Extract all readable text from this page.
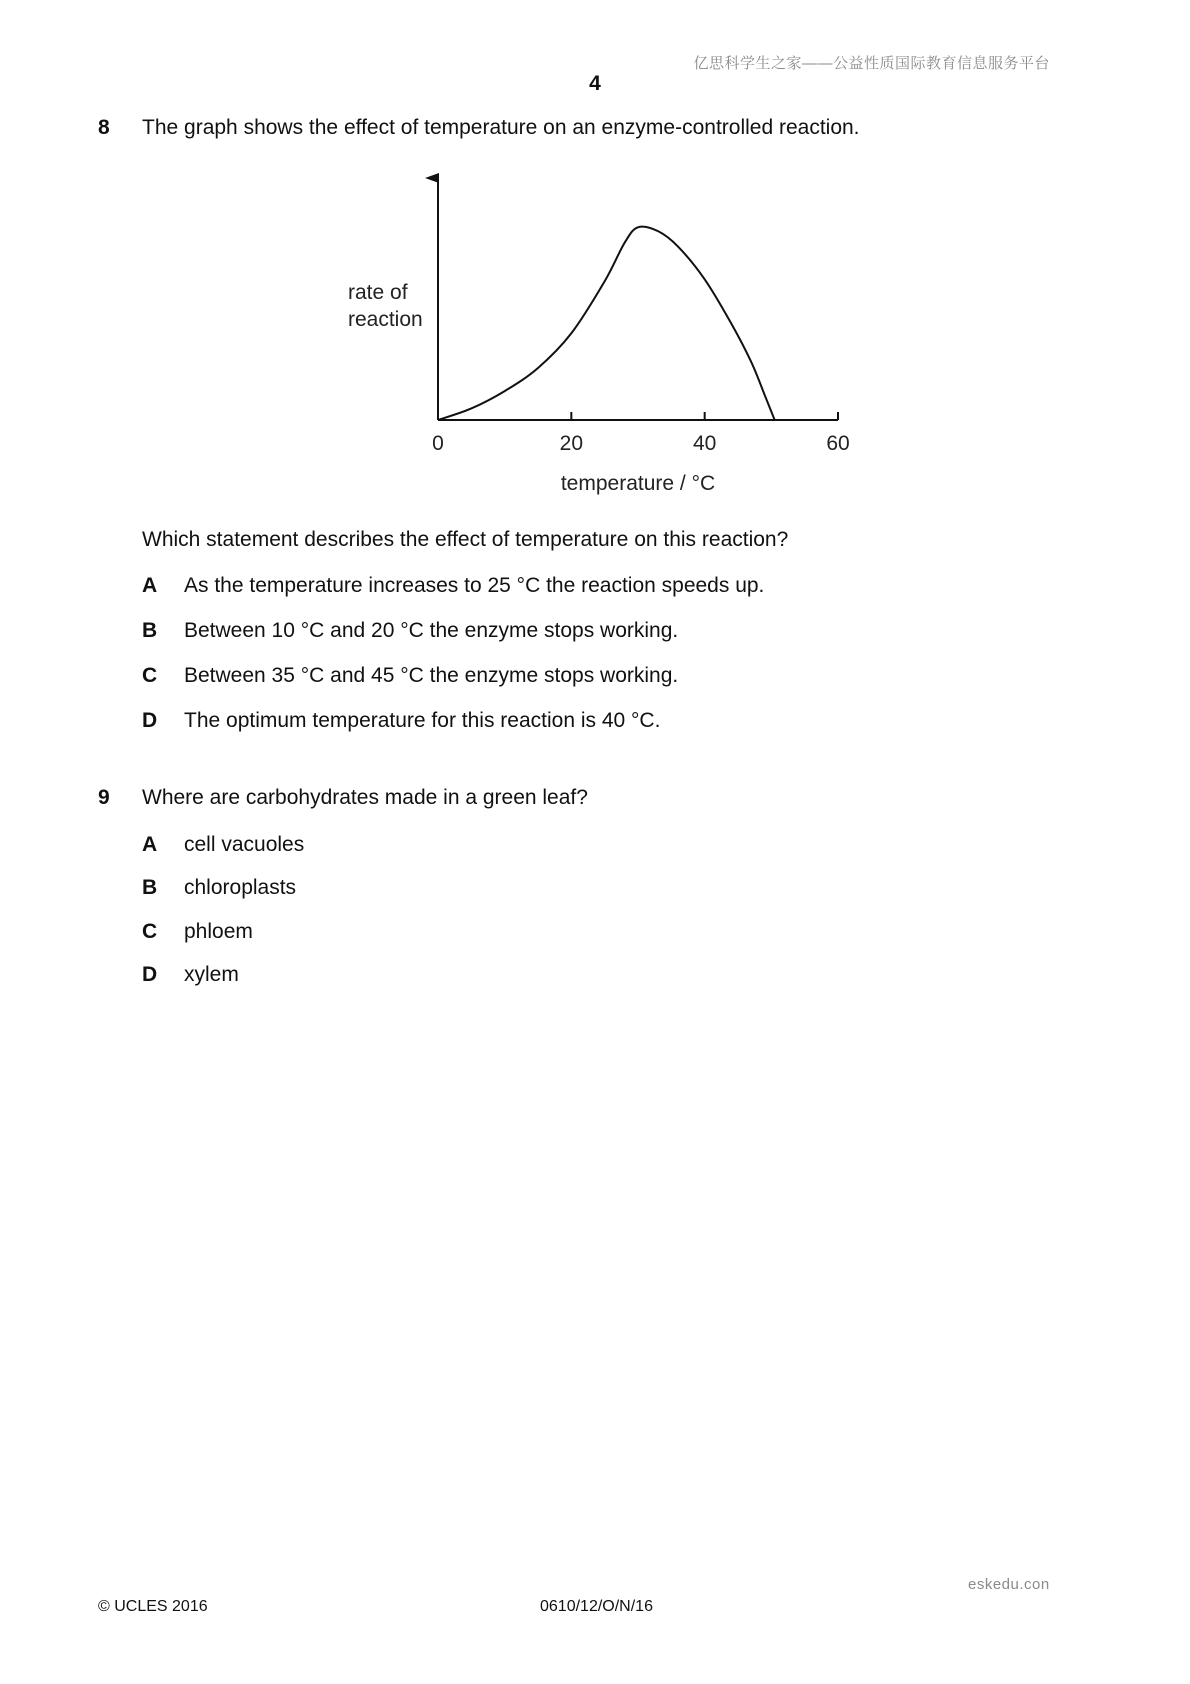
亿思科学生之家——公益性质国际教育信息服务平台
4
8 The graph shows the effect of temperature on an enzyme-controlled reaction.
rate of
reaction
0	20	40	60
temperature / °C
Which statement describes the effect of temperature on this reaction?
A As the temperature increases to 25 °C the reaction speeds up.
B Between 10 °C and 20 °C the enzyme stops working.
C Between 35 °C and 45 °C the enzyme stops working.
D The optimum temperature for this reaction is 40 °C.
9 Where are carbohydrates made in a green leaf?
A cell vacuoles
B chloroplasts
C phloem
D xylem
eskedu.con
© UCLES 2016	0610/12/O/N/16
